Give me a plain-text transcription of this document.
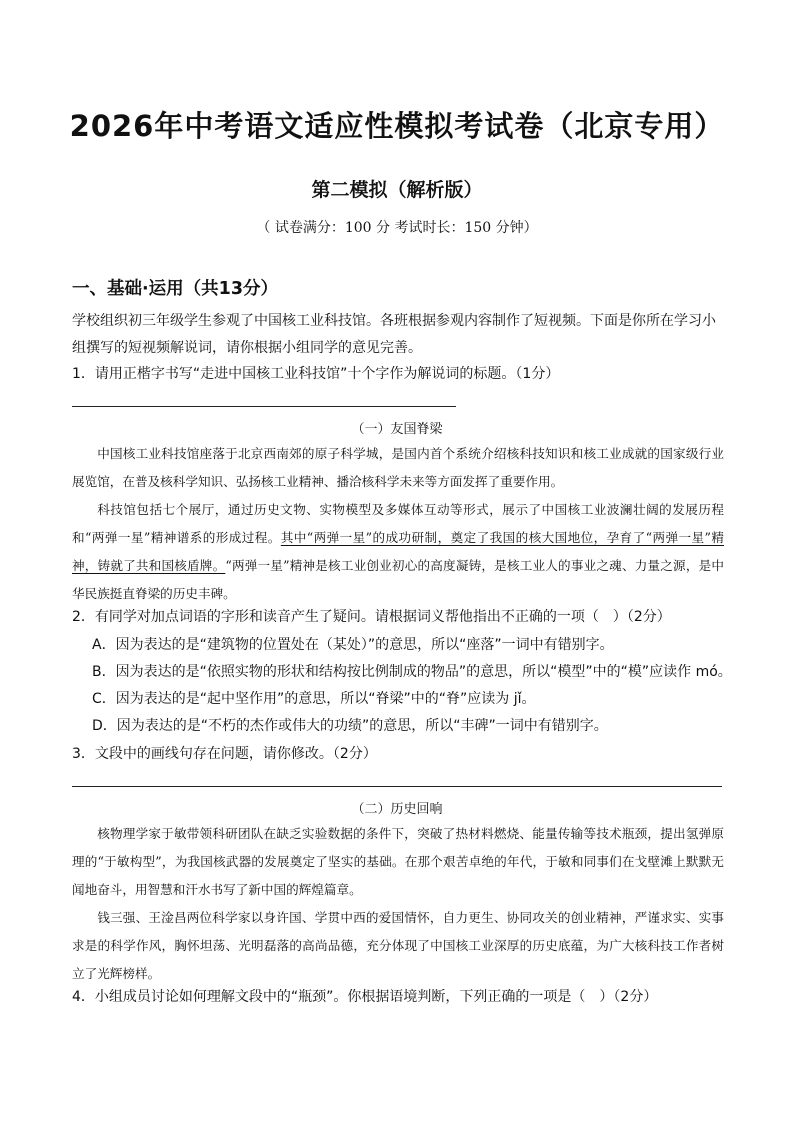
2026年中考语文适应性模拟考试卷（北京专用）
第二模拟（解析版）
（ 试卷满分：100 分 考试时长：150 分钟）
一、基础·运用（共13分）
学校组织初三年级学生参观了中国核工业科技馆。各班根据参观内容制作了短视频。下面是你所在学习小组撰写的短视频解说词，请你根据小组同学的意见完善。
1．请用正楷字书写“走进中国核工业科技馆”十个字作为解说词的标题。（1分）
（一）友国脊梁

中国核工业科技馆座落于北京西南郊的原子科学城，是国内首个系统介绍核科技知识和核工业成就的国家级行业展览馆，在普及核科学知识、弘扬核工业精神、播洽核科学未来等方面发挥了重要作用。

科技馆包括七个展厅，通过历史文物、实物模型及多媒体互动等形式，展示了中国核工业波澜壮阔的发展历程和“两弹一星”精神谱系的形成过程。其中“两弹一星”的成功研制，奠定了我国的核大国地位，孕育了“两弹一星”精神，铸就了共和国核盾牌。“两弹一星”精神是核工业创业初心的高度凝铸，是核工业人的事业之魂、力量之源，是中华民族挺直脊梁的历史丰碑。

2．有同学对加点词语的字形和读音产生了疑问。请根据词义帮他指出不正确的一项（　）（2分）
A．因为表达的是“建筑物的位置处在（某处）”的意思，所以“座落”一词中有错别字。
B．因为表达的是“依照实物的形状和结构按比例制成的物品”的意思，所以“模型”中的“模”应读作 mó。
C．因为表达的是“起中坚作用”的意思，所以“脊梁”中的“脊”应读为 jǐ。
D．因为表达的是“不朽的杰作或伟大的功绩”的意思，所以“丰碑”一词中有错别字。
3．文段中的画线句存在问题，请你修改。（2分）
（二）历史回响

核物理学家于敏带领科研团队在缺乏实验数据的条件下，突破了热材料燃烧、能量传输等技术瓶颈，提出氢弹原理的“于敏构型”，为我国核武器的发展奠定了坚实的基础。在那个艰苦卓绝的年代，于敏和同事们在戈壁滩上默默无闻地奋斗，用智慧和汗水书写了新中国的辉煌篇章。

钱三强、王淦昌两位科学家以身许国、学贯中西的爱国情怀，自力更生、协同攻关的创业精神，严谨求实、实事求是的科学作风，胸怀坦荡、光明磊落的高尚品德，充分体现了中国核工业深厚的历史底蕴，为广大核科技工作者树立了光辉榜样。

4．小组成员讨论如何理解文段中的“瓶颈”。你根据语境判断，下列正确的一项是（　）（2分）
